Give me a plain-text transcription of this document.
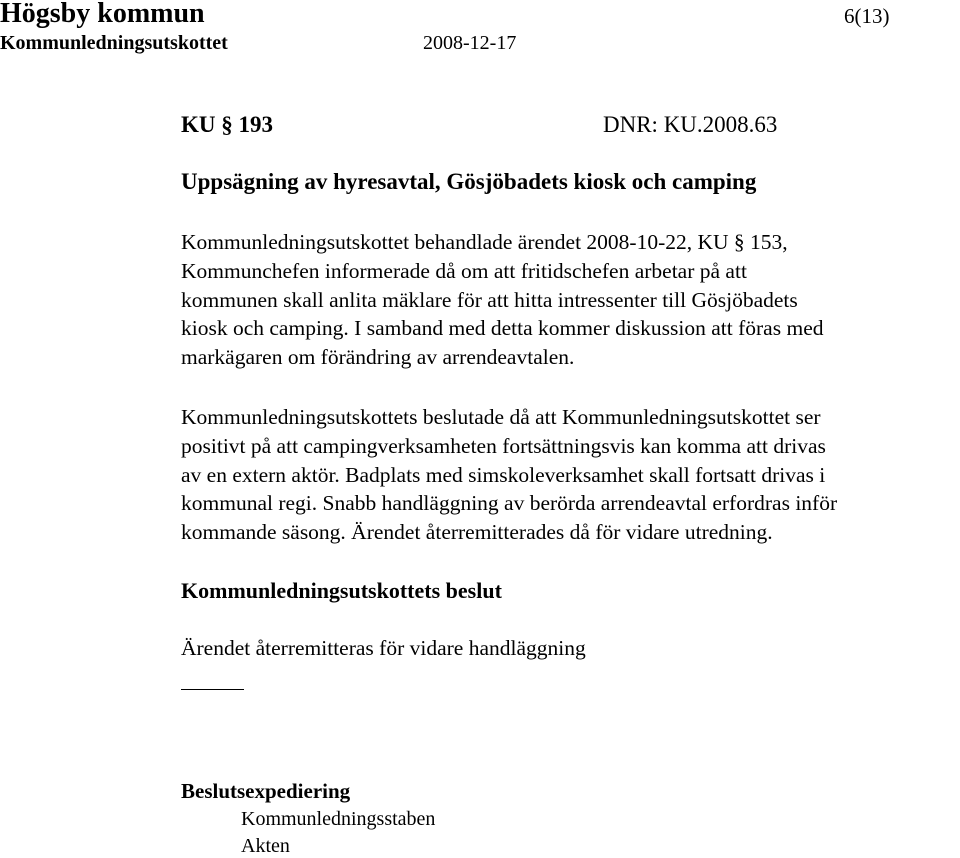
Högsby kommun	6(13)
Kommunledningsutskottet	2008-12-17
KU § 193	DNR: KU.2008.63
Uppsägning av hyresavtal, Gösjöbadets kiosk och camping
Kommunledningsutskottet behandlade ärendet 2008-10-22, KU § 153,
Kommunchefen informerade då om att fritidschefen arbetar på att
kommunen skall anlita mäklare för att hitta intressenter till Gösjöbadets
kiosk och camping. I samband med detta kommer diskussion att föras med
markägaren om förändring av arrendeavtalen.
Kommunledningsutskottets beslutade då att Kommunledningsutskottet ser
positivt på att campingverksamheten fortsättningsvis kan komma att drivas
av en extern aktör. Badplats med simskoleverksamhet skall fortsatt drivas i
kommunal regi. Snabb handläggning av berörda arrendeavtal erfordras inför
kommande säsong. Ärendet återremitterades då för vidare utredning.
Kommunledningsutskottets beslut
Ärendet återremitteras för vidare handläggning
Beslutsexpediering
Kommunledningsstaben
Akten
